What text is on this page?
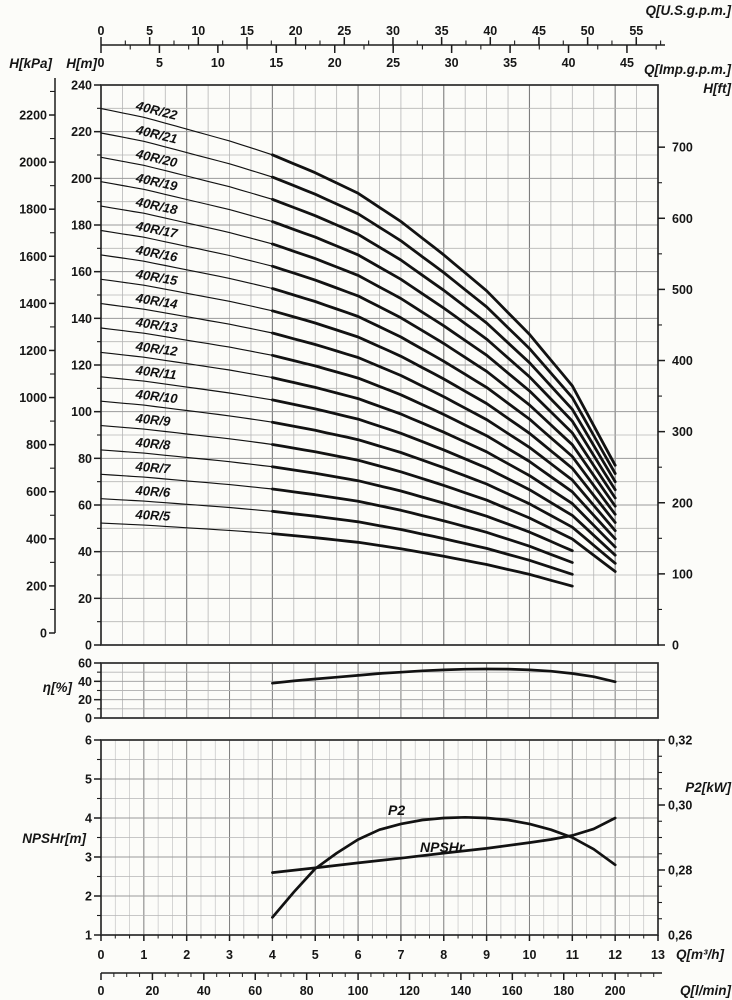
0	5	10	15	20	25	30	35	40	45	50	55
0	5	10	15	20	25	30	35	40	45
Q[U.S.g.p.m.]
Q[Imp.g.p.m.]
H[kPa] H[m]
0
20
40
60
80
100
120
140
160
180
200
220
240
0
200
400
600
800
1000
1200
1400
1600
1800
2000
2200
0
100
200
300
400
500
600
700
H[ft]
40R/22
40R/21
40R/20
40R/19
40R/18
40R/17
40R/16
40R/15
40R/14
40R/13
40R/12
40R/11
40R/10
40R/9
40R/8
40R/7
40R/6
40R/5
0
20
40
60
η[%]
1
2
3
4
5
6
NPSHr[m]
0,26
0,28
0,30
0,32
P2[kW]
P2
NPSHr
0	1	2	3	4	5	6	7	8	9	10 11 12 13 Q[m³/h]
0	20	40	60	80	100 120 140 160 180 200	Q[l/min]
